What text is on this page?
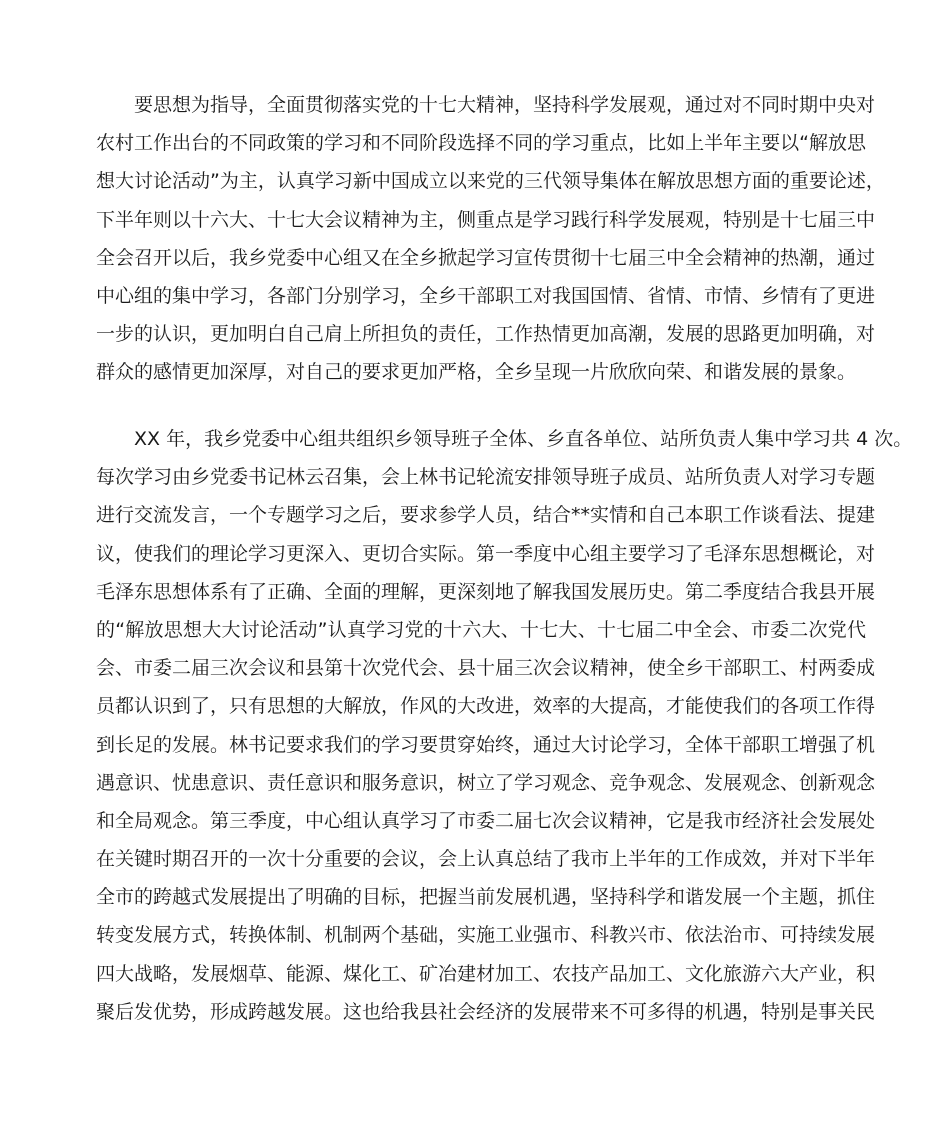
要思想为指导，全面贯彻落实党的十七大精神，坚持科学发展观，通过对不同时期中央对
农村工作出台的不同政策的学习和不同阶段选择不同的学习重点，比如上半年主要以“解放思
想大讨论活动”为主，认真学习新中国成立以来党的三代领导集体在解放思想方面的重要论述，
下半年则以十六大、十七大会议精神为主，侧重点是学习践行科学发展观，特别是十七届三中
全会召开以后，我乡党委中心组又在全乡掀起学习宣传贯彻十七届三中全会精神的热潮，通过
中心组的集中学习，各部门分别学习，全乡干部职工对我国国情、省情、市情、乡情有了更进
一步的认识，更加明白自己肩上所担负的责任，工作热情更加高潮，发展的思路更加明确，对
群众的感情更加深厚，对自己的要求更加严格，全乡呈现一片欣欣向荣、和谐发展的景象。

XX 年，我乡党委中心组共组织乡领导班子全体、乡直各单位、站所负责人集中学习共 4 次。
每次学习由乡党委书记林云召集，会上林书记轮流安排领导班子成员、站所负责人对学习专题
进行交流发言，一个专题学习之后，要求参学人员，结合**实情和自己本职工作谈看法、提建
议，使我们的理论学习更深入、更切合实际。第一季度中心组主要学习了毛泽东思想概论，对
毛泽东思想体系有了正确、全面的理解，更深刻地了解我国发展历史。第二季度结合我县开展
的“解放思想大大讨论活动”认真学习党的十六大、十七大、十七届二中全会、市委二次党代
会、市委二届三次会议和县第十次党代会、县十届三次会议精神，使全乡干部职工、村两委成
员都认识到了，只有思想的大解放，作风的大改进，效率的大提高，才能使我们的各项工作得
到长足的发展。林书记要求我们的学习要贯穿始终，通过大讨论学习，全体干部职工增强了机
遇意识、忧患意识、责任意识和服务意识，树立了学习观念、竞争观念、发展观念、创新观念
和全局观念。第三季度，中心组认真学习了市委二届七次会议精神，它是我市经济社会发展处
在关键时期召开的一次十分重要的会议，会上认真总结了我市上半年的工作成效，并对下半年
全市的跨越式发展提出了明确的目标，把握当前发展机遇，坚持科学和谐发展一个主题，抓住
转变发展方式，转换体制、机制两个基础，实施工业强市、科教兴市、依法治市、可持续发展
四大战略，发展烟草、能源、煤化工、矿冶建材加工、农技产品加工、文化旅游六大产业，积
聚后发优势，形成跨越发展。这也给我县社会经济的发展带来不可多得的机遇，特别是事关民
